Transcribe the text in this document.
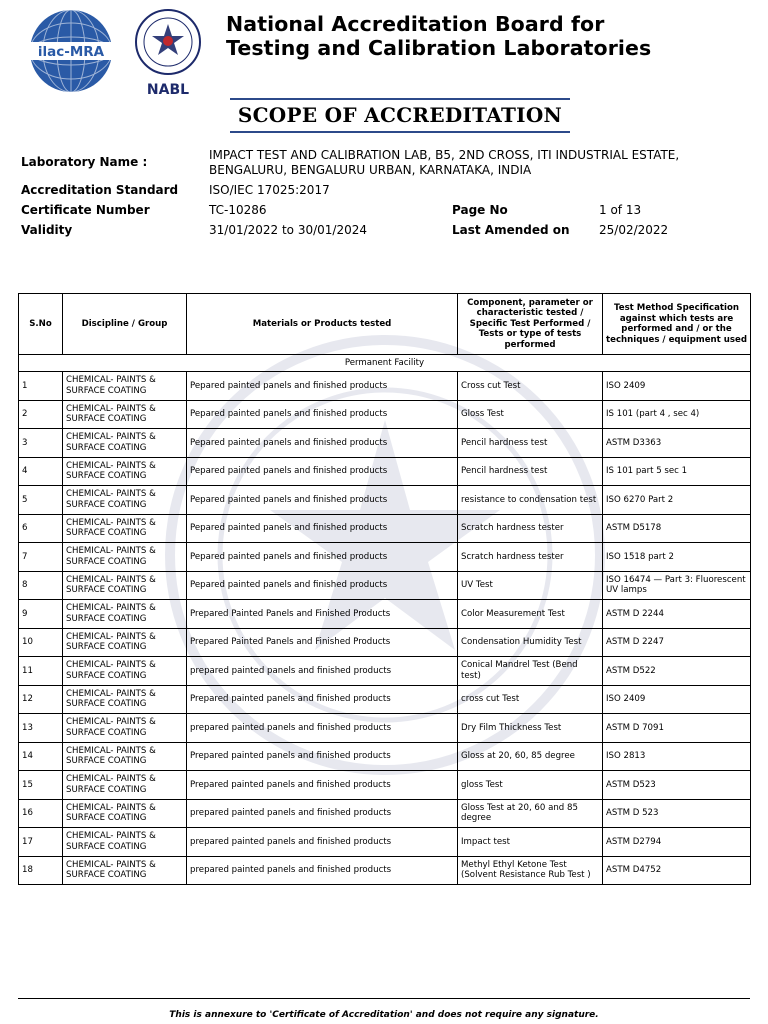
ilac-MRA
NABL
National Accreditation Board for
Testing and Calibration Laboratories
SCOPE OF ACCREDITATION
Laboratory Name :	IMPACT TEST AND CALIBRATION LAB, B5, 2ND CROSS, ITI INDUSTRIAL ESTATE,
BENGALURU, BENGALURU URBAN, KARNATAKA, INDIA
Accreditation Standard	ISO/IEC 17025:2017
Certificate Number	TC-10286	Page No	1 of 13
Validity	31/01/2022 to 30/01/2024	Last Amended on 25/02/2022
S.No	Discipline / Group	Materials or Products tested	Component, parameter or characteristic tested / Specific Test Performed / Tests or type of tests performed	Test Method Specification against which tests are performed and / or the techniques / equipment used
Permanent Facility				
1	CHEMICAL- PAINTS & SURFACE COATING	Pepared painted panels and finished products	Cross cut Test	ISO 2409
2	CHEMICAL- PAINTS & SURFACE COATING	Pepared painted panels and finished products	Gloss Test	IS 101 (part 4 , sec 4)
3	CHEMICAL- PAINTS & SURFACE COATING	Pepared painted panels and finished products	Pencil hardness test	ASTM D3363
4	CHEMICAL- PAINTS & SURFACE COATING	Pepared painted panels and finished products	Pencil hardness test	IS 101 part 5 sec 1
5	CHEMICAL- PAINTS & SURFACE COATING	Pepared painted panels and finished products	resistance to condensation test	ISO 6270 Part 2
6	CHEMICAL- PAINTS & SURFACE COATING	Pepared painted panels and finished products	Scratch hardness tester	ASTM D5178
7	CHEMICAL- PAINTS & SURFACE COATING	Pepared painted panels and finished products	Scratch hardness tester	ISO 1518 part 2
8	CHEMICAL- PAINTS & SURFACE COATING	Pepared painted panels and finished products	UV Test	ISO 16474 — Part 3: Fluorescent UV lamps
9	CHEMICAL- PAINTS & SURFACE COATING	Prepared Painted Panels and Finished Products	Color Measurement Test	ASTM D 2244
10	CHEMICAL- PAINTS & SURFACE COATING	Prepared Painted Panels and Finished Products	Condensation Humidity Test	ASTM D 2247
11	CHEMICAL- PAINTS & SURFACE COATING	prepared painted panels and finished products	Conical Mandrel Test (Bend test)	ASTM D522
12	CHEMICAL- PAINTS & SURFACE COATING	Prepared painted panels and finished products	cross cut Test	ISO 2409
13	CHEMICAL- PAINTS & SURFACE COATING	prepared painted panels and finished products	Dry Film Thickness Test	ASTM D 7091
14	CHEMICAL- PAINTS & SURFACE COATING	Prepared painted panels and finished products	Gloss at 20, 60, 85 degree	ISO 2813
15	CHEMICAL- PAINTS & SURFACE COATING	Prepared painted panels and finished products	gloss Test	ASTM D523
16	CHEMICAL- PAINTS & SURFACE COATING	prepared painted panels and finished products	Gloss Test at 20, 60 and 85 degree	ASTM D 523
17	CHEMICAL- PAINTS & SURFACE COATING	prepared painted panels and finished products	Impact test	ASTM D2794
18	CHEMICAL- PAINTS & SURFACE COATING	prepared painted panels and finished products	Methyl Ethyl Ketone Test (Solvent Resistance Rub Test )	ASTM D4752
This is annexure to 'Certificate of Accreditation' and does not require any signature.
